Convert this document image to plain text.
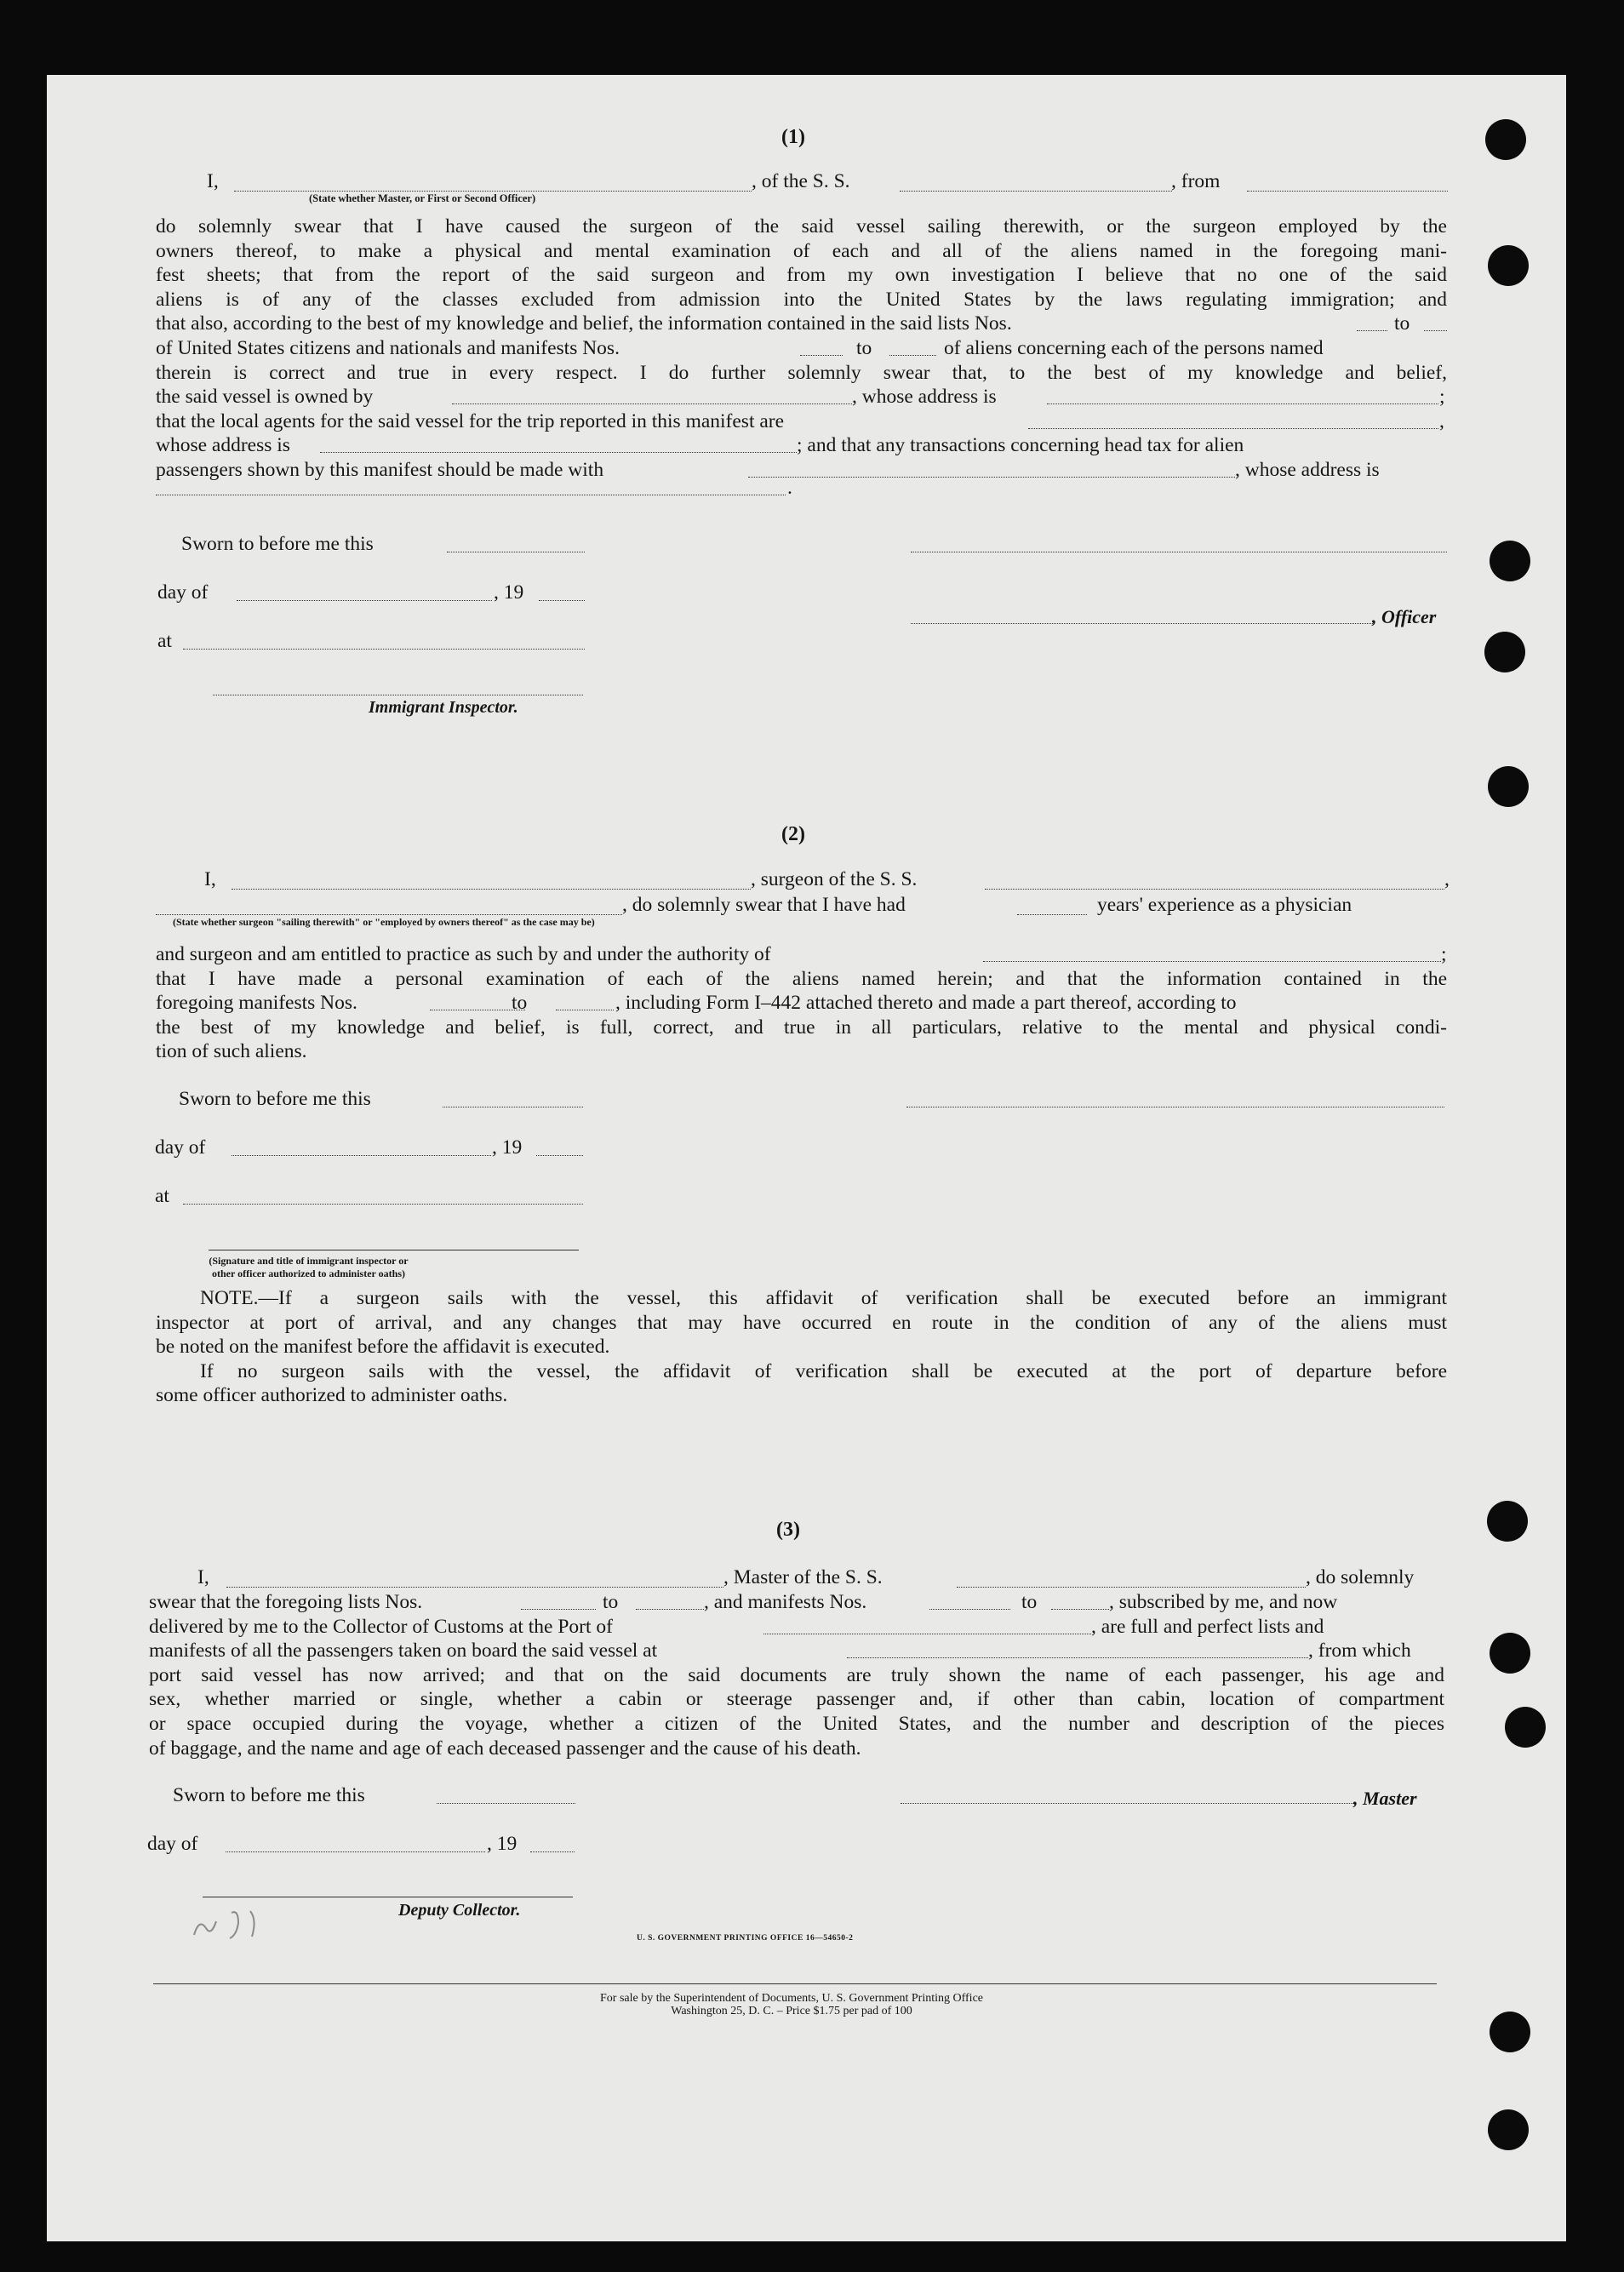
(1)
I,	, of the S. S.	, from
(State whether Master, or First or Second Officer)
do solemnly swear that I have caused the surgeon of the said vessel sailing therewith, or the surgeon employed by the
owners thereof, to make a physical and mental examination of each and all of the aliens named in the foregoing mani-
fest sheets; that from the report of the said surgeon and from my own investigation I believe that no one of the said
aliens is of any of the classes excluded from admission into the United States by the laws regulating immigration; and
that also, according to the best of my knowledge and belief, the information contained in the said lists Nos.	to
of United States citizens and nationals and manifests Nos.	to	of aliens concerning each of the persons named
therein is correct and true in every respect. I do further solemnly swear that, to the best of my knowledge and belief,
the said vessel is owned by	, whose address is	;
that the local agents for the said vessel for the trip reported in this manifest are	,
whose address is	; and that any transactions concerning head tax for alien
passengers shown by this manifest should be made with	, whose address is
.
Sworn to before me this
day of	, 19
at
, Officer
Immigrant Inspector.
(2)
I,	, surgeon of the S. S.	,
, do solemnly swear that I have had	years' experience as a physician
(State whether surgeon "sailing therewith" or "employed by owners thereof" as the case may be)
and surgeon and am entitled to practice as such by and under the authority of	;
that I have made a personal examination of each of the aliens named herein; and that the information contained in the
foregoing manifests Nos.	to	, including Form I–442 attached thereto and made a part thereof, according to
the best of my knowledge and belief, is full, correct, and true in all particulars, relative to the mental and physical condi-
tion of such aliens.
Sworn to before me this
day of	, 19
at
(Signature and title of immigrant inspector or other officer authorized to administer oaths)
NOTE.—If a surgeon sails with the vessel, this affidavit of verification shall be executed before an immigrant
inspector at port of arrival, and any changes that may have occurred en route in the condition of any of the aliens must
be noted on the manifest before the affidavit is executed.
If no surgeon sails with the vessel, the affidavit of verification shall be executed at the port of departure before
some officer authorized to administer oaths.
(3)
I,	, Master of the S. S.	, do solemnly
swear that the foregoing lists Nos.	to	, and manifests Nos.	to	, subscribed by me, and now
delivered by me to the Collector of Customs at the Port of	, are full and perfect lists and
manifests of all the passengers taken on board the said vessel at	, from which
port said vessel has now arrived; and that on the said documents are truly shown the name of each passenger, his age and
sex, whether married or single, whether a cabin or steerage passenger and, if other than cabin, location of compartment
or space occupied during the voyage, whether a citizen of the United States, and the number and description of the pieces
of baggage, and the name and age of each deceased passenger and the cause of his death.
Sworn to before me this	, Master
day of	, 19
Deputy Collector.
U. S. GOVERNMENT PRINTING OFFICE 16—54650-2
For sale by the Superintendent of Documents, U. S. Government Printing Office
Washington 25, D. C. – Price $1.75 per pad of 100
